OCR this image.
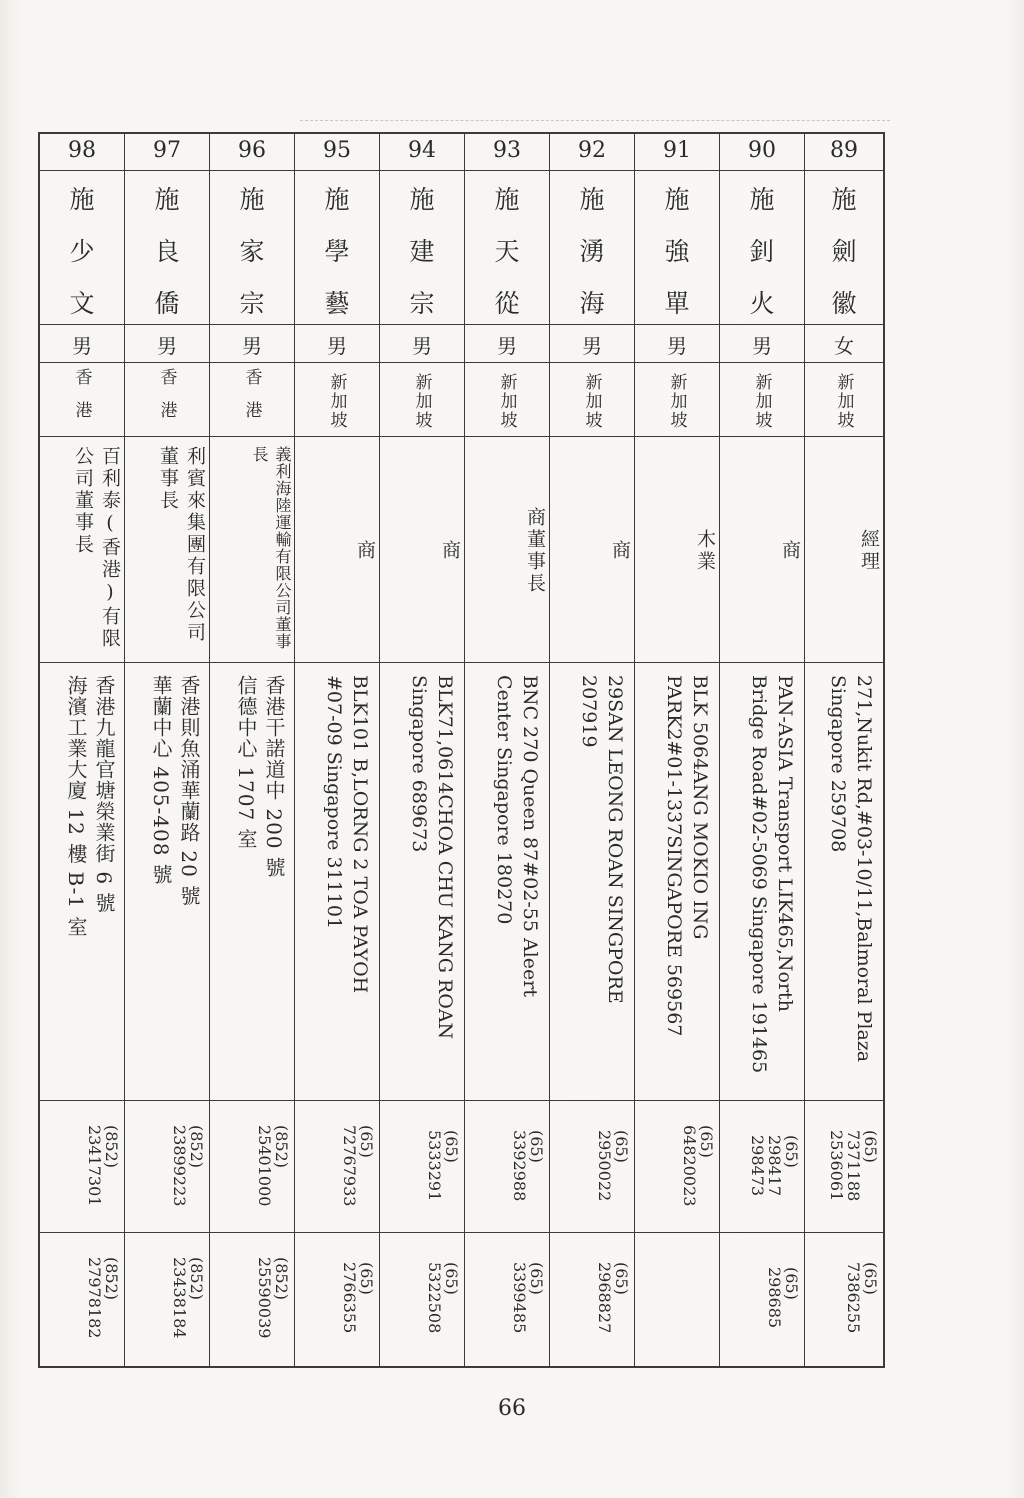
98
施
少
文
男
香港
百利泰(香港)有限公司董事長
香港九龍官塘榮業街 6 號
海濱工業大廈 12 樓 B-1 室
(852)
23417301
(852)
27978182
97
施
良
僑
男
香港
利賓來集團有限公司董事長
香港則魚涌華蘭路 20 號
華蘭中心 405-408 號
(852)
23899223
(852)
23438184
96
施
家
宗
男
香港
義利海陸運輸有限公司董事長
香港干諾道中 200 號
信德中心 1707 室
(852)
25401000
(852)
25590039
95
施
學
藝
男
新加坡
商
BLK101 B,LORNG 2 TOA PAYOH
#07-09 Singapore 311101
(65)
72767933
(65)
2766355
94
施
建
宗
男
新加坡
商
BLK71,0614CHOA CHU KANG ROAN
Singapore 689673
(65)
5333291
(65)
5322508
93
施
天
從
男
新加坡
商董事長
BNC 270 Queen 87#02-55 Aleert
Center Singapore 180270
(65)
3392988
(65)
3399485
92
施
湧
海
男
新加坡
商
29SAN LEONG ROAN SINGPORE
207919
(65)
2950022
(65)
2968827
91
施
強
單
男
新加坡
木業
BLK 5064ANG MOKIO ING
PARK2#01-1337SINGAPORE 569567
(65)
64820023
90
施
釗
火
男
新加坡
商
PAN-ASIA Transport LIK465,North
Bridge Road#02-5069 Singapore 191465
(65)
298417
298473
(65)
298685
89
施
劍
徽
女
新加坡
經理
271,Nukit Rd,#03-10/11,Balmoral Plaza
Singapore 259708
(65)
7371188
2536061
(65)
7386255
66
